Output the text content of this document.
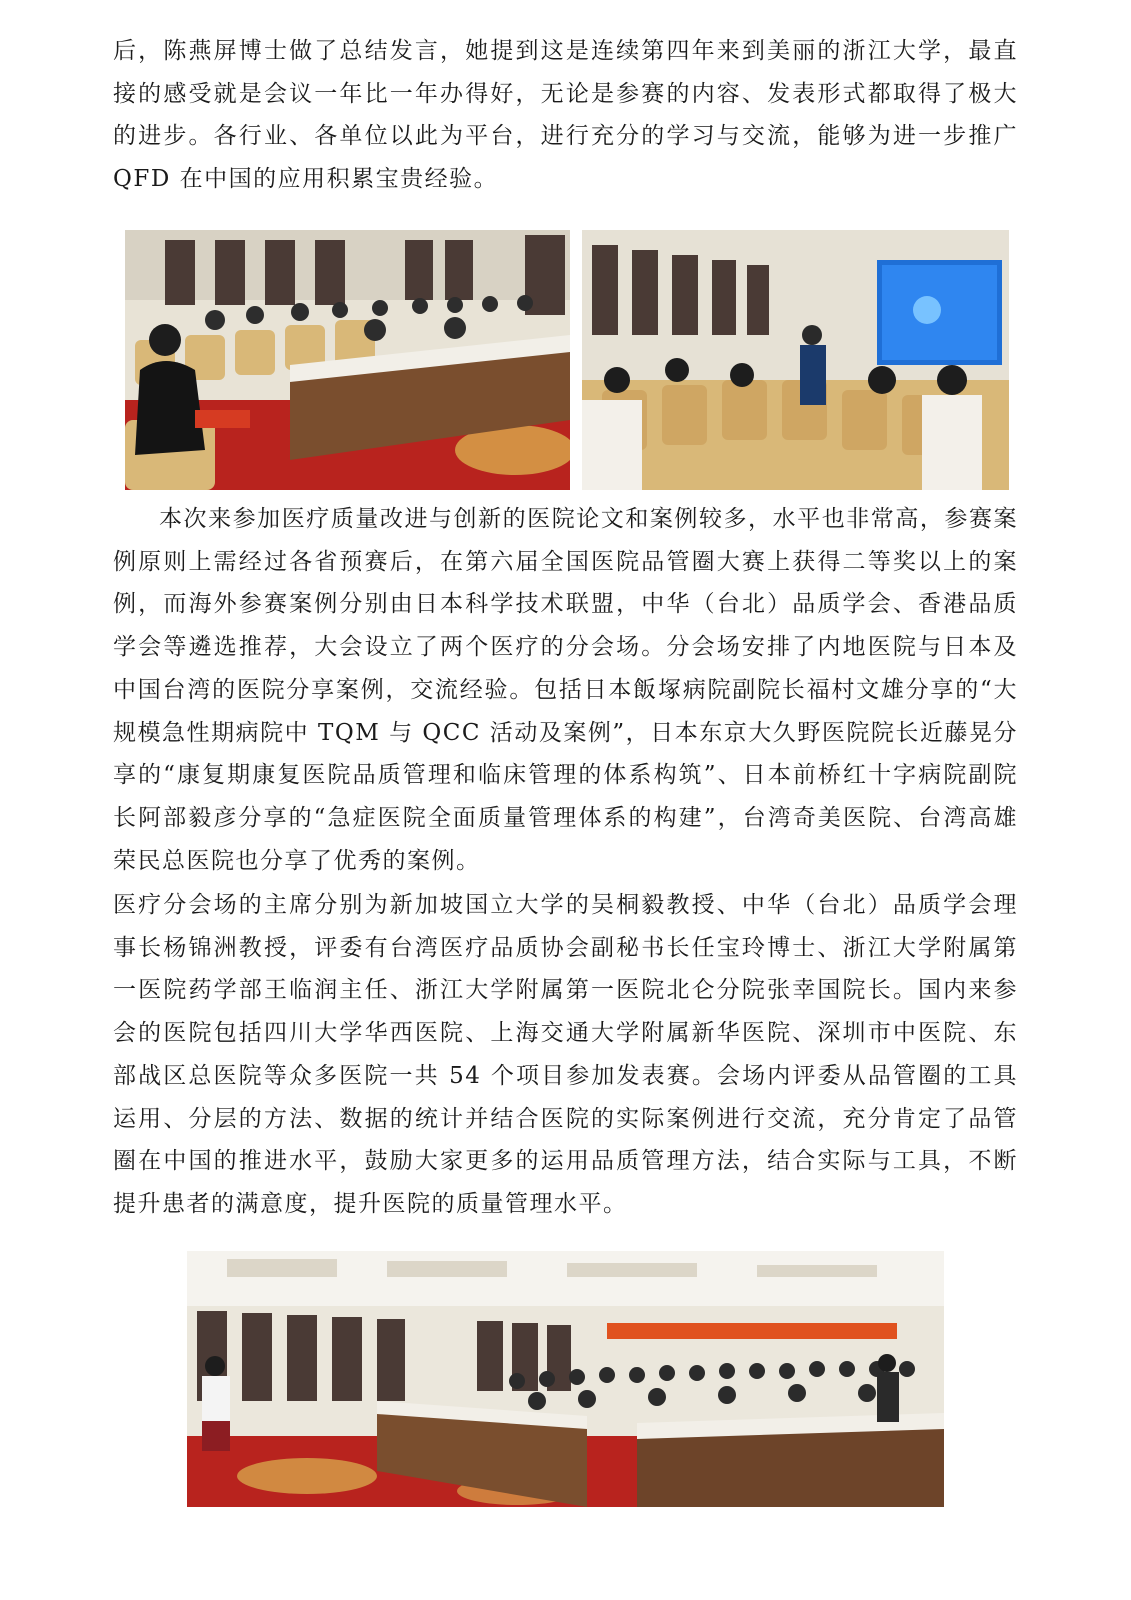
后，陈燕屏博士做了总结发言，她提到这是连续第四年来到美丽的浙江大学，最直接的感受就是会议一年比一年办得好，无论是参赛的内容、发表形式都取得了极大的进步。各行业、各单位以此为平台，进行充分的学习与交流，能够为进一步推广 QFD 在中国的应用积累宝贵经验。

本次来参加医疗质量改进与创新的医院论文和案例较多，水平也非常高，参赛案例原则上需经过各省预赛后，在第六届全国医院品管圈大赛上获得二等奖以上的案例，而海外参赛案例分别由日本科学技术联盟，中华（台北）品质学会、香港品质学会等遴选推荐，大会设立了两个医疗的分会场。分会场安排了内地医院与日本及中国台湾的医院分享案例，交流经验。包括日本飯塚病院副院长福村文雄分享的“大规模急性期病院中 TQM 与 QCC 活动及案例”，日本东京大久野医院院长近藤晃分享的“康复期康复医院品质管理和临床管理的体系构筑”、日本前桥红十字病院副院长阿部毅彦分享的“急症医院全面质量管理体系的构建”，台湾奇美医院、台湾高雄荣民总医院也分享了优秀的案例。

医疗分会场的主席分别为新加坡国立大学的吴桐毅教授、中华（台北）品质学会理事长杨锦洲教授，评委有台湾医疗品质协会副秘书长任宝玲博士、浙江大学附属第一医院药学部王临润主任、浙江大学附属第一医院北仑分院张幸国院长。国内来参会的医院包括四川大学华西医院、上海交通大学附属新华医院、深圳市中医院、东部战区总医院等众多医院一共 54 个项目参加发表赛。会场内评委从品管圈的工具运用、分层的方法、数据的统计并结合医院的实际案例进行交流，充分肯定了品管圈在中国的推进水平，鼓励大家更多的运用品质管理方法，结合实际与工具，不断提升患者的满意度，提升医院的质量管理水平。
